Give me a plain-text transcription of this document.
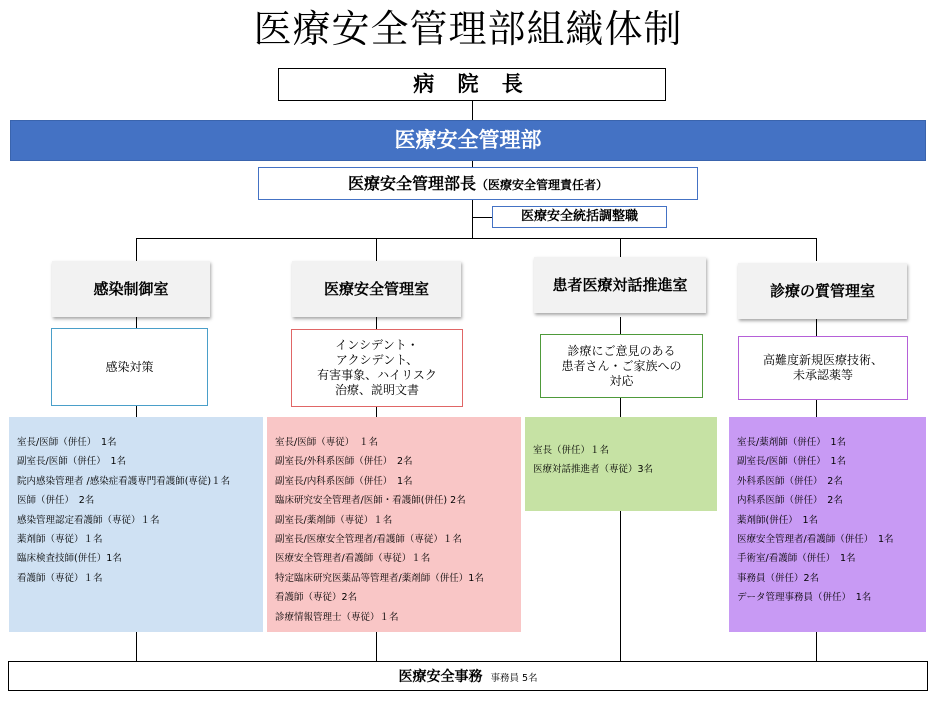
医療安全管理部組織体制
病 院 長
医療安全管理部
医療安全管理部長（医療安全管理責任者）
医療安全統括調整職
感染制御室
感染対策
室長/医師（併任）　1名
副室長/医師（併任）　1名
院内感染管理者 /感染症看護専門看護師(専従)１名
医師（併任）　2名
感染管理認定看護師（専従）１名
薬剤師（専従）１名
臨床検査技師(併任）1名
看護師（専従）１名
医療安全管理室
インシデント・
アクシデント、
有害事象、ハイリスク
治療、説明文書
室長/医師（専従）　１名
副室長/外科系医師（併任）　2名
副室長/内科系医師（併任）　1名
臨床研究安全管理者/医師・看護師(併任) 2名
副室長/薬剤師（専従）１名
副室長/医療安全管理者/看護師（専従）１名
医療安全管理者/看護師（専従）１名
特定臨床研究医薬品等管理者/薬剤師（併任）1名
看護師（専従）2名
診療情報管理士（専従）１名
患者医療対話推進室
診療にご意見のある
患者さん・ご家族への
対応
室長（併任）１名
医療対話推進者（専従）3名
診療の質管理室
高難度新規医療技術、
未承認薬等
室長/薬剤師（併任）　1名
副室長/医師（併任）　1名
外科系医師（併任）　2名
内科系医師（併任）　2名
薬剤師(併任）　1名
医療安全管理者/看護師（併任）　1名
手術室/看護師（併任）　1名
事務員（併任）2名
データ管理事務員（併任）　1名
医療安全事務 事務員 5名
